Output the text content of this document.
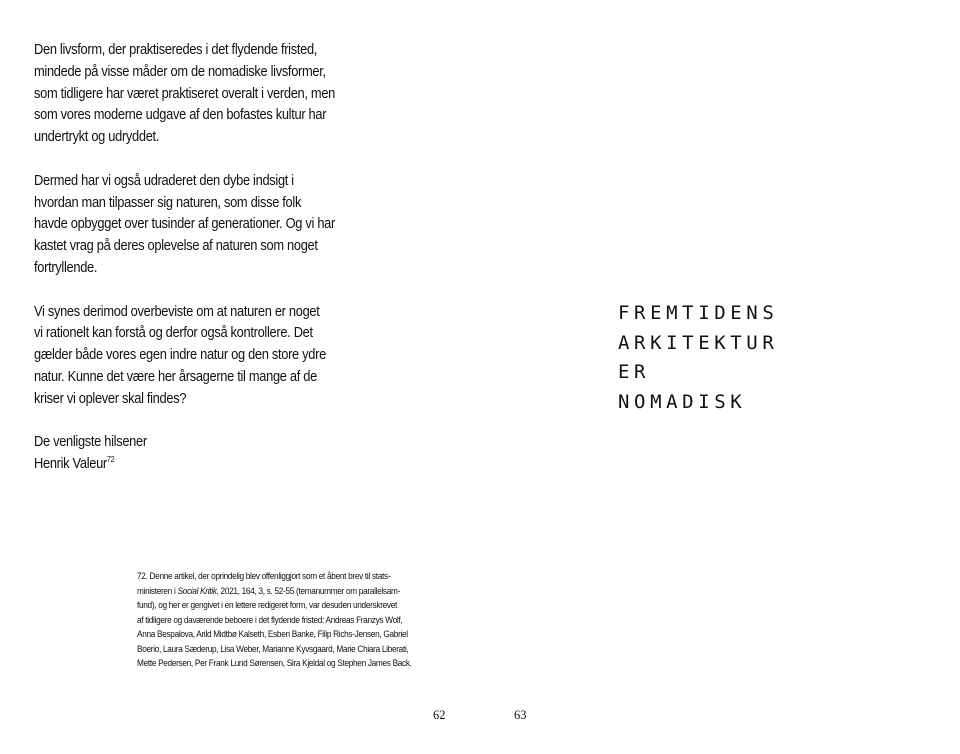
Den livsform, der praktiseredes i det flydende fristed,
mindede på visse måder om de nomadiske livsformer,
som tidligere har været praktiseret overalt i verden, men
som vores moderne udgave af den bofastes kultur har
undertrykt og udryddet.

Dermed har vi også udraderet den dybe indsigt i
hvordan man tilpasser sig naturen, som disse folk
havde opbygget over tusinder af generationer. Og vi har
kastet vrag på deres oplevelse af naturen som noget
fortryllende.

Vi synes derimod overbeviste om at naturen er noget
vi rationelt kan forstå og derfor også kontrollere. Det
gælder både vores egen indre natur og den store ydre
natur. Kunne det være her årsagerne til mange af de
kriser vi oplever skal findes?

De venligste hilsener
Henrik Valeur$^{72}$
72. Denne artikel, der oprindelig blev offenliggjort som et åbent brev til stats-
ministeren i Social Kritik, 2021, 164, 3, s. 52-55 (temanummer om parallelsam-
fund), og her er gengivet i en lettere redigeret form, var desuden underskrevet
af tidligere og daværende beboere i det flydende fristed: Andreas Franzys Wolf,
Anna Bespalova, Arild Midtbø Kalseth, Esben Banke, Filip Richs-Jensen, Gabriel
Boerio, Laura Sæderup, Lisa Weber, Marianne Kyvsgaard, Marie Chiara Liberati,
Mette Pedersen, Per Frank Lund Sørensen, Sira Kjeldal og Stephen James Back.
62
FREMTIDENS
ARKITEKTUR
ER
NOMADISK
63
